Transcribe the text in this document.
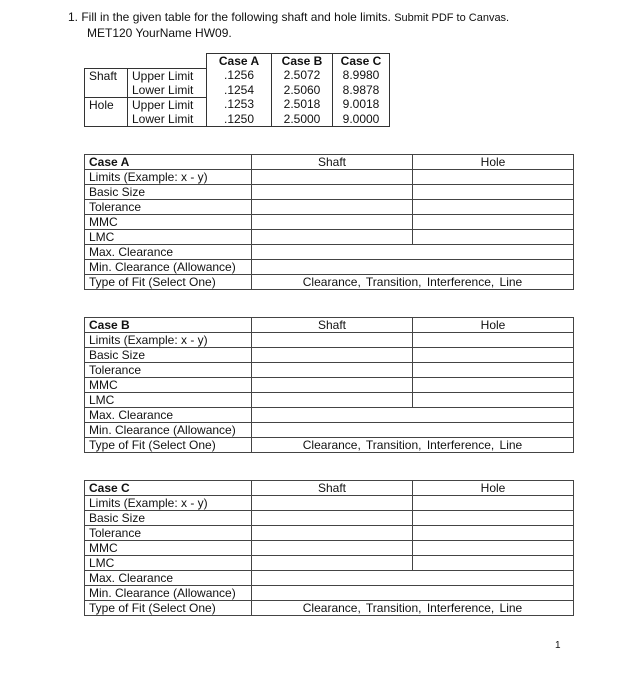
1. Fill in the given table for the following shaft and hole limits. Submit PDF to Canvas.
MET120 YourName HW09.
		Case A	Case B	Case C
Shaft	Upper Limit	.1256	2.5072	8.9980
	Lower Limit	.1254	2.5060	8.9878
Hole	Upper Limit	.1253	2.5018	9.0018
	Lower Limit	.1250	2.5000	9.0000
Case A	Shaft	Hole
Limits (Example: x - y)		
Basic Size		
Tolerance		
MMC		
LMC		
Max. Clearance		
Min. Clearance (Allowance)		
Type of Fit (Select One)	Clearance, Transition, Interference, Line	
Case B	Shaft	Hole
Limits (Example: x - y)		
Basic Size		
Tolerance		
MMC		
LMC		
Max. Clearance		
Min. Clearance (Allowance)		
Type of Fit (Select One)	Clearance, Transition, Interference, Line	
Case C	Shaft	Hole
Limits (Example: x - y)		
Basic Size		
Tolerance		
MMC		
LMC		
Max. Clearance		
Min. Clearance (Allowance)		
Type of Fit (Select One)	Clearance, Transition, Interference, Line	
1
